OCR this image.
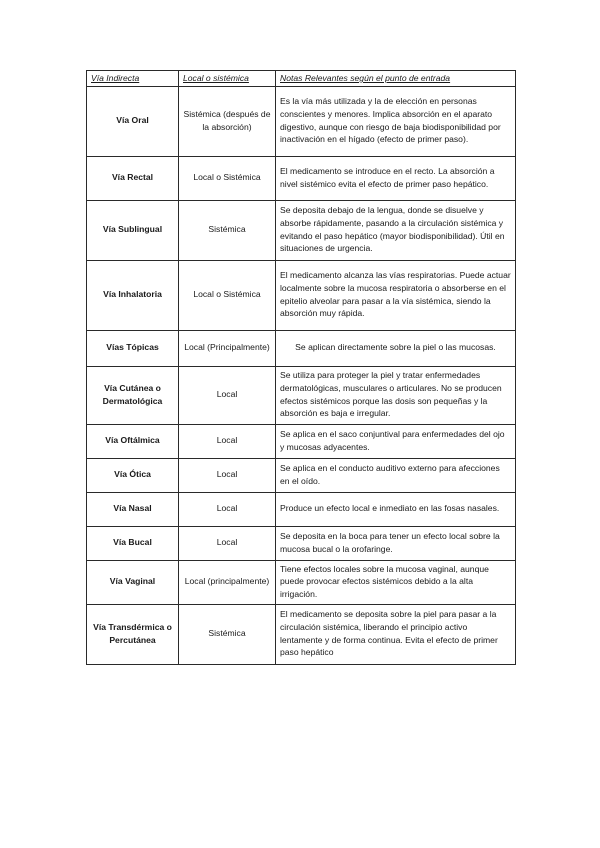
Vía Indirecta	Local o sistémica	Notas Relevantes según el punto de entrada
Vía Oral	Sistémica (después de la absorción)	Es la vía más utilizada y la de elección en personas conscientes y menores. Implica absorción en el aparato digestivo, aunque con riesgo de baja biodisponibilidad por inactivación en el hígado (efecto de primer paso).
Vía Rectal	Local o Sistémica	El medicamento se introduce en el recto. La absorción a nivel sistémico evita el efecto de primer paso hepático.
Vía Sublingual	Sistémica	Se deposita debajo de la lengua, donde se disuelve y absorbe rápidamente, pasando a la circulación sistémica y evitando el paso hepático (mayor biodisponibilidad). Útil en situaciones de urgencia.
Vía Inhalatoria	Local o Sistémica	El medicamento alcanza las vías respiratorias. Puede actuar localmente sobre la mucosa respiratoria o absorberse en el epitelio alveolar para pasar a la vía sistémica, siendo la absorción muy rápida.
Vías Tópicas	Local (Principalmente)	Se aplican directamente sobre la piel o las mucosas.
Vía Cutánea o Dermatológica	Local	Se utiliza para proteger la piel y tratar enfermedades dermatológicas, musculares o articulares. No se producen efectos sistémicos porque las dosis son pequeñas y la absorción es baja e irregular.
Vía Oftálmica	Local	Se aplica en el saco conjuntival para enfermedades del ojo y mucosas adyacentes.
Vía Ótica	Local	Se aplica en el conducto auditivo externo para afecciones en el oído.
Vía Nasal	Local	Produce un efecto local e inmediato en las fosas nasales.
Vía Bucal	Local	Se deposita en la boca para tener un efecto local sobre la mucosa bucal o la orofaringe.
Vía Vaginal	Local (principalmente)	Tiene efectos locales sobre la mucosa vaginal, aunque puede provocar efectos sistémicos debido a la alta irrigación.
Vía Transdérmica o Percutánea	Sistémica	El medicamento se deposita sobre la piel para pasar a la circulación sistémica, liberando el principio activo lentamente y de forma continua. Evita el efecto de primer paso hepático
